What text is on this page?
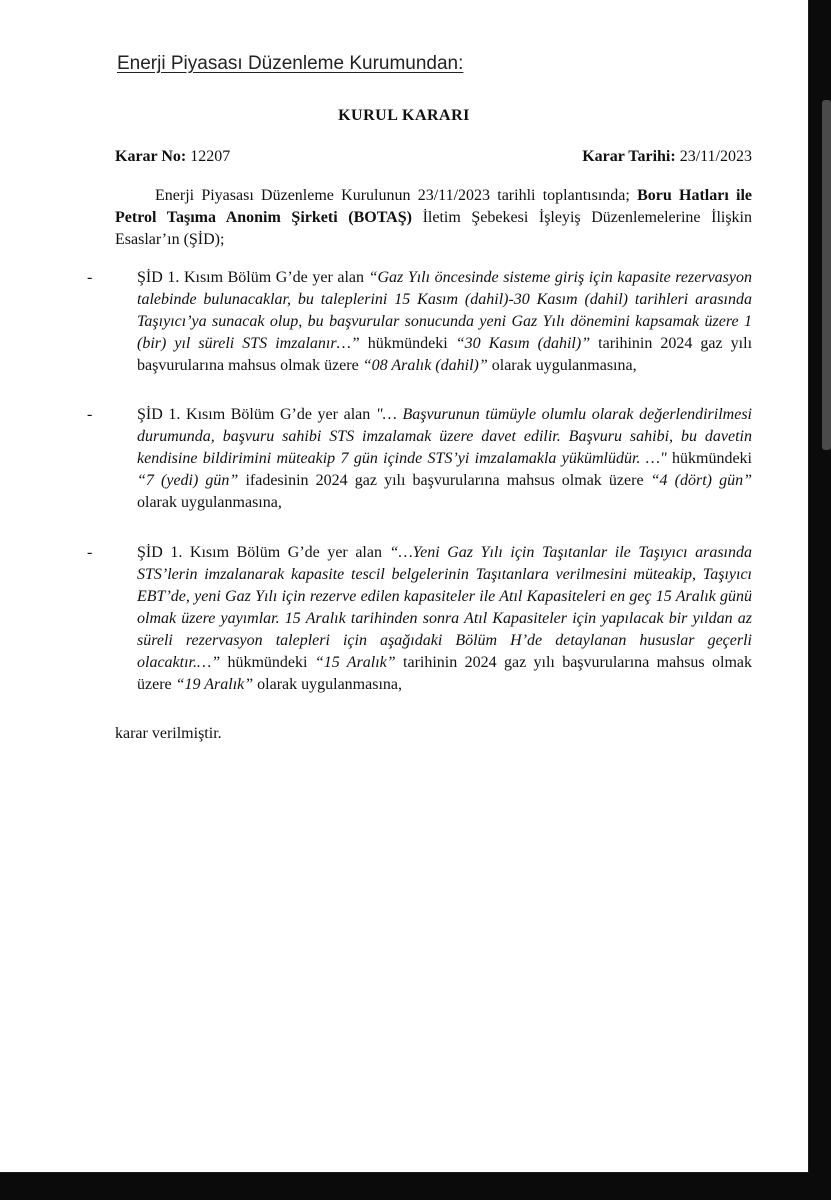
Enerji Piyasası Düzenleme Kurumundan:
KURUL KARARI
Karar No: 12207	Karar Tarihi: 23/11/2023

Enerji Piyasası Düzenleme Kurulunun 23/11/2023 tarihli toplantısında; Boru Hatları ile Petrol Taşıma Anonim Şirketi (BOTAŞ) İletim Şebekesi İşleyiş Düzenlemelerine İlişkin Esaslar’ın (ŞİD);

-	ŞİD 1. Kısım Bölüm G’de yer alan “Gaz Yılı öncesinde sisteme giriş için kapasite rezervasyon talebinde bulunacaklar, bu taleplerini 15 Kasım (dahil)-30 Kasım (dahil) tarihleri arasında Taşıyıcı’ya sunacak olup, bu başvurular sonucunda yeni Gaz Yılı dönemini kapsamak üzere 1 (bir) yıl süreli STS imzalanır…” hükmündeki “30 Kasım (dahil)” tarihinin 2024 gaz yılı başvurularına mahsus olmak üzere “08 Aralık (dahil)” olarak uygulanmasına,

-	ŞİD 1. Kısım Bölüm G’de yer alan "… Başvurunun tümüyle olumlu olarak değerlendirilmesi durumunda, başvuru sahibi STS imzalamak üzere davet edilir. Başvuru sahibi, bu davetin kendisine bildirimini müteakip 7 gün içinde STS’yi imzalamakla yükümlüdür. …" hükmündeki “7 (yedi) gün” ifadesinin 2024 gaz yılı başvurularına mahsus olmak üzere “4 (dört) gün” olarak uygulanmasına,

-	ŞİD 1. Kısım Bölüm G’de yer alan “…Yeni Gaz Yılı için Taşıtanlar ile Taşıyıcı arasında STS’lerin imzalanarak kapasite tescil belgelerinin Taşıtanlara verilmesini müteakip, Taşıyıcı EBT’de, yeni Gaz Yılı için rezerve edilen kapasiteler ile Atıl Kapasiteleri en geç 15 Aralık günü olmak üzere yayımlar. 15 Aralık tarihinden sonra Atıl Kapasiteler için yapılacak bir yıldan az süreli rezervasyon talepleri için aşağıdaki Bölüm H’de detaylanan hususlar geçerli olacaktır.…” hükmündeki “15 Aralık” tarihinin 2024 gaz yılı başvurularına mahsus olmak üzere “19 Aralık” olarak uygulanmasına,

karar verilmiştir.
